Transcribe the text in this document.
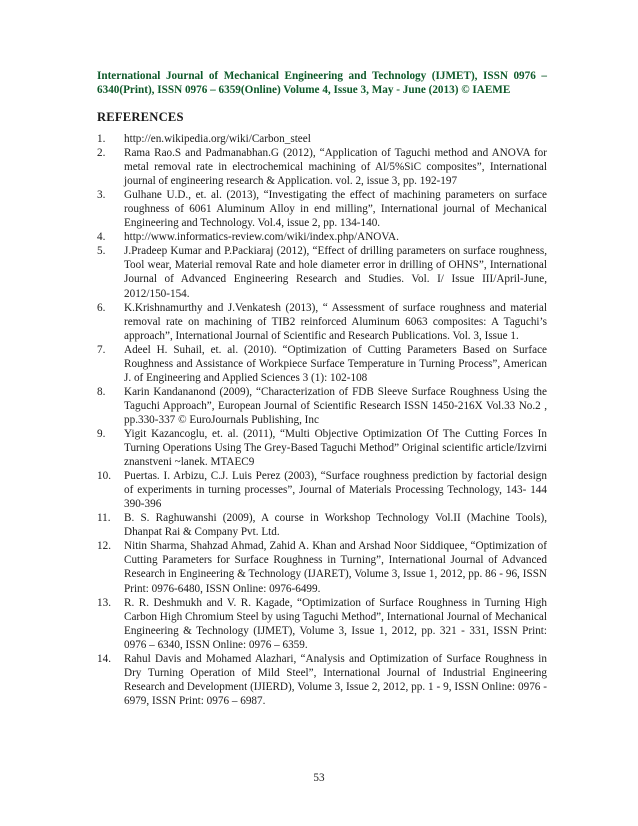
International Journal of Mechanical Engineering and Technology (IJMET), ISSN 0976 – 6340(Print), ISSN 0976 – 6359(Online) Volume 4, Issue 3, May - June (2013) © IAEME
REFERENCES
1. http://en.wikipedia.org/wiki/Carbon_steel
2. Rama Rao.S and Padmanabhan.G (2012), “Application of Taguchi method and ANOVA for metal removal rate in electrochemical machining of Al/5%SiC composites”, International journal of engineering research & Application. vol. 2, issue 3, pp. 192-197
3. Gulhane U.D., et. al. (2013), “Investigating the effect of machining parameters on surface roughness of 6061 Aluminum Alloy in end milling”, International journal of Mechanical Engineering and Technology. Vol.4, issue 2, pp. 134-140.
4. http://www.informatics-review.com/wiki/index.php/ANOVA.
5. J.Pradeep Kumar and P.Packiaraj (2012), “Effect of drilling parameters on surface roughness, Tool wear, Material removal Rate and hole diameter error in drilling of OHNS”, International Journal of Advanced Engineering Research and Studies. Vol. I/ Issue III/April-June, 2012/150-154.
6. K.Krishnamurthy and J.Venkatesh (2013), “ Assessment of surface roughness and material removal rate on machining of TIB2 reinforced Aluminum 6063 composites: A Taguchi’s approach”, International Journal of Scientific and Research Publications. Vol. 3, Issue 1.
7. Adeel H. Suhail, et. al. (2010). “Optimization of Cutting Parameters Based on Surface Roughness and Assistance of Workpiece Surface Temperature in Turning Process”, American J. of Engineering and Applied Sciences 3 (1): 102-108
8. Karin Kandananond (2009), “Characterization of FDB Sleeve Surface Roughness Using the Taguchi Approach”, European Journal of Scientific Research ISSN 1450-216X Vol.33 No.2 , pp.330-337 © EuroJournals Publishing, Inc
9. Yigit Kazancoglu, et. al. (2011), “Multi Objective Optimization Of The Cutting Forces In Turning Operations Using The Grey-Based Taguchi Method” Original scientific article/Izvirni znanstveni ~lanek. MTAEC9
10. Puertas. I. Arbizu, C.J. Luis Perez (2003), “Surface roughness prediction by factorial design of experiments in turning processes”, Journal of Materials Processing Technology, 143- 144 390-396
11. B. S. Raghuwanshi (2009), A course in Workshop Technology Vol.II (Machine Tools), Dhanpat Rai & Company Pvt. Ltd.
12. Nitin Sharma, Shahzad Ahmad, Zahid A. Khan and Arshad Noor Siddiquee, “Optimization of Cutting Parameters for Surface Roughness in Turning”, International Journal of Advanced Research in Engineering & Technology (IJARET), Volume 3, Issue 1, 2012, pp. 86 - 96, ISSN Print: 0976-6480, ISSN Online: 0976-6499.
13. R. R. Deshmukh and V. R. Kagade, “Optimization of Surface Roughness in Turning High Carbon High Chromium Steel by using Taguchi Method”, International Journal of Mechanical Engineering & Technology (IJMET), Volume 3, Issue 1, 2012, pp. 321 - 331, ISSN Print: 0976 – 6340, ISSN Online: 0976 – 6359.
14. Rahul Davis and Mohamed Alazhari, “Analysis and Optimization of Surface Roughness in Dry Turning Operation of Mild Steel”, International Journal of Industrial Engineering Research and Development (IJIERD), Volume 3, Issue 2, 2012, pp. 1 - 9, ISSN Online: 0976 - 6979, ISSN Print: 0976 – 6987.
53
